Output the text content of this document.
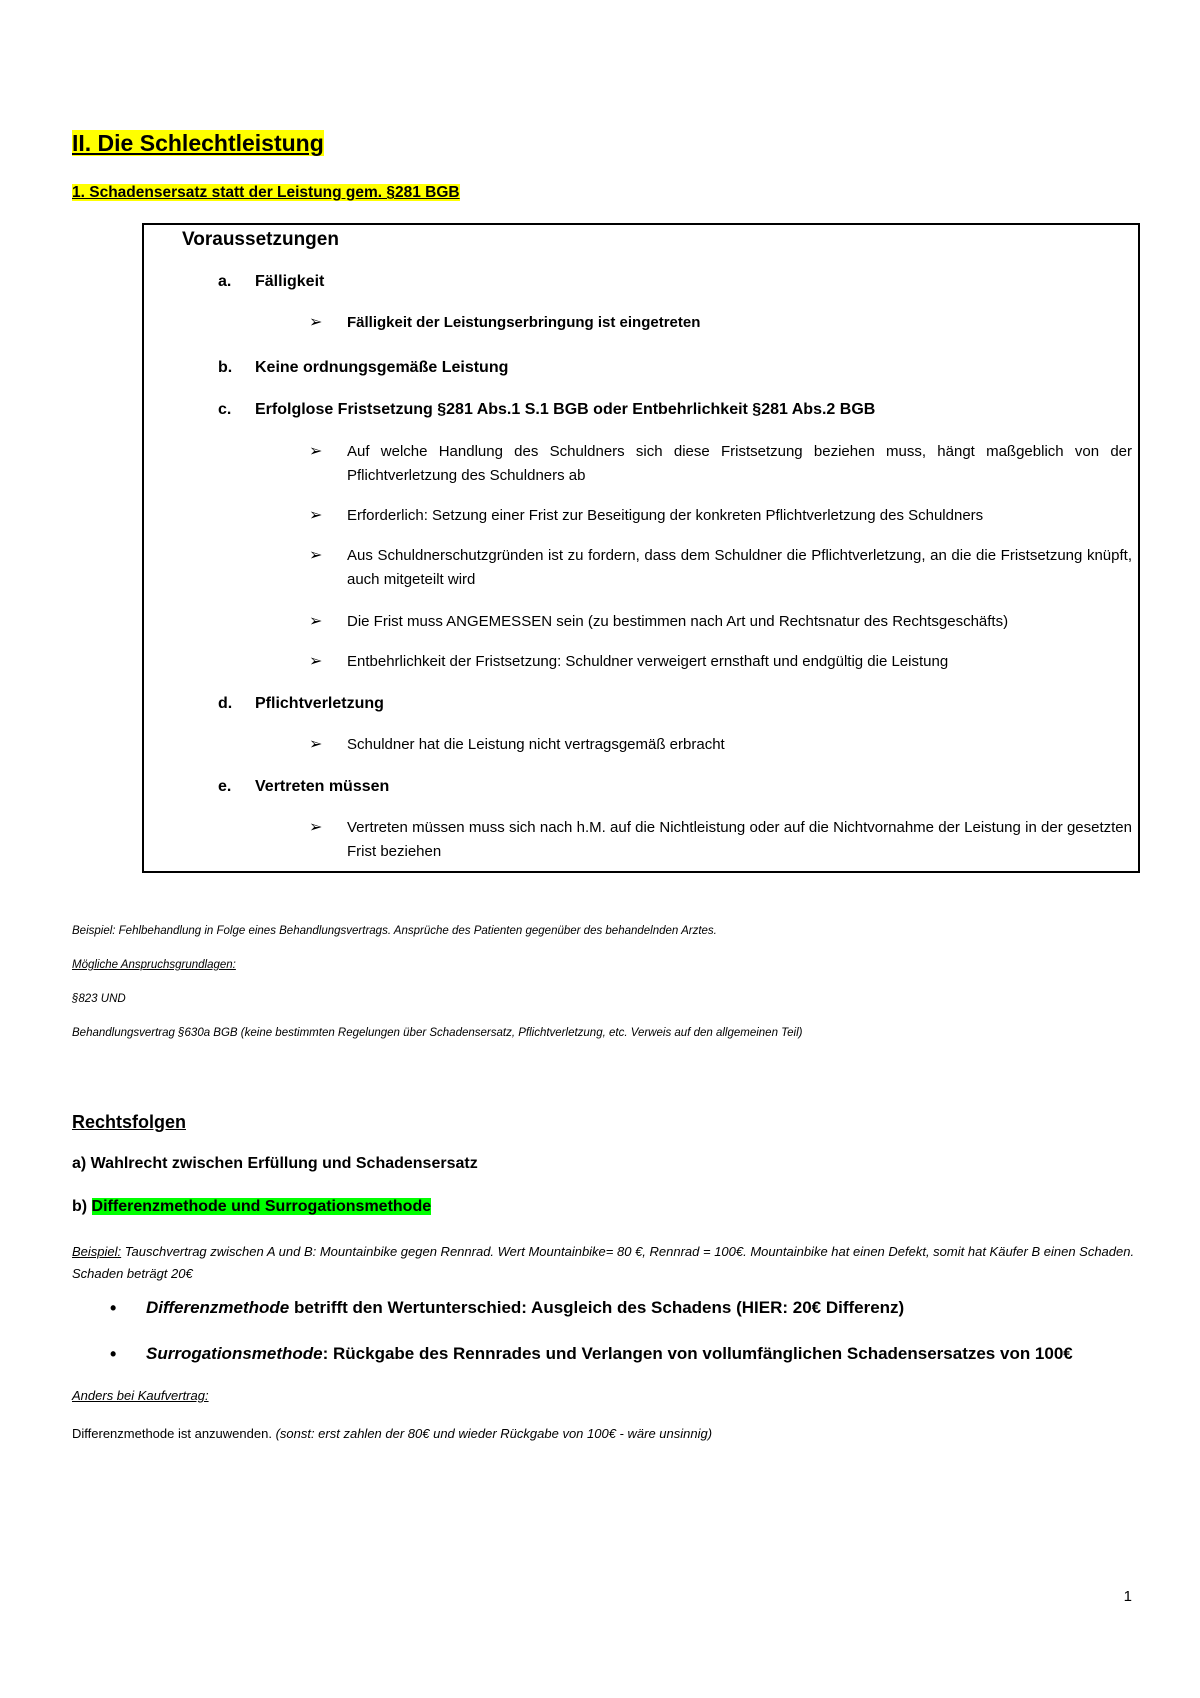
II. Die Schlechtleistung
1. Schadensersatz statt der Leistung gem. §281 BGB
Voraussetzungen
a. Fälligkeit
➢ Fälligkeit der Leistungserbringung ist eingetreten
b. Keine ordnungsgemäße Leistung
c. Erfolglose Fristsetzung §281 Abs.1 S.1 BGB oder Entbehrlichkeit §281 Abs.2 BGB
➢ Auf welche Handlung des Schuldners sich diese Fristsetzung beziehen muss, hängt maßgeblich von der Pflichtverletzung des Schuldners ab
➢ Erforderlich: Setzung einer Frist zur Beseitigung der konkreten Pflichtverletzung des Schuldners
➢ Aus Schuldnerschutzgründen ist zu fordern, dass dem Schuldner die Pflichtverletzung, an die die Fristsetzung knüpft, auch mitgeteilt wird
➢ Die Frist muss ANGEMESSEN sein (zu bestimmen nach Art und Rechtsnatur des Rechtsgeschäfts)
➢ Entbehrlichkeit der Fristsetzung: Schuldner verweigert ernsthaft und endgültig die Leistung
d. Pflichtverletzung
➢ Schuldner hat die Leistung nicht vertragsgemäß erbracht
e. Vertreten müssen
➢ Vertreten müssen muss sich nach h.M. auf die Nichtleistung oder auf die Nichtvornahme der Leistung in der gesetzten Frist beziehen
Beispiel: Fehlbehandlung in Folge eines Behandlungsvertrags. Ansprüche des Patienten gegenüber des behandelnden Arztes.
Mögliche Anspruchsgrundlagen:
§823 UND
Behandlungsvertrag §630a BGB (keine bestimmten Regelungen über Schadensersatz, Pflichtverletzung, etc. Verweis auf den allgemeinen Teil)
Rechtsfolgen
a) Wahlrecht zwischen Erfüllung und Schadensersatz
b) Differenzmethode und Surrogationsmethode
Beispiel: Tauschvertrag zwischen A und B: Mountainbike gegen Rennrad. Wert Mountainbike= 80 €, Rennrad = 100€. Mountainbike hat einen Defekt, somit hat Käufer B einen Schaden. Schaden beträgt 20€
• Differenzmethode betrifft den Wertunterschied: Ausgleich des Schadens (HIER: 20€ Differenz)
• Surrogationsmethode: Rückgabe des Rennrades und Verlangen von vollumfänglichen Schadensersatzes von 100€
Anders bei Kaufvertrag:
Differenzmethode ist anzuwenden. (sonst: erst zahlen der 80€ und wieder Rückgabe von 100€ - wäre unsinnig)
1
